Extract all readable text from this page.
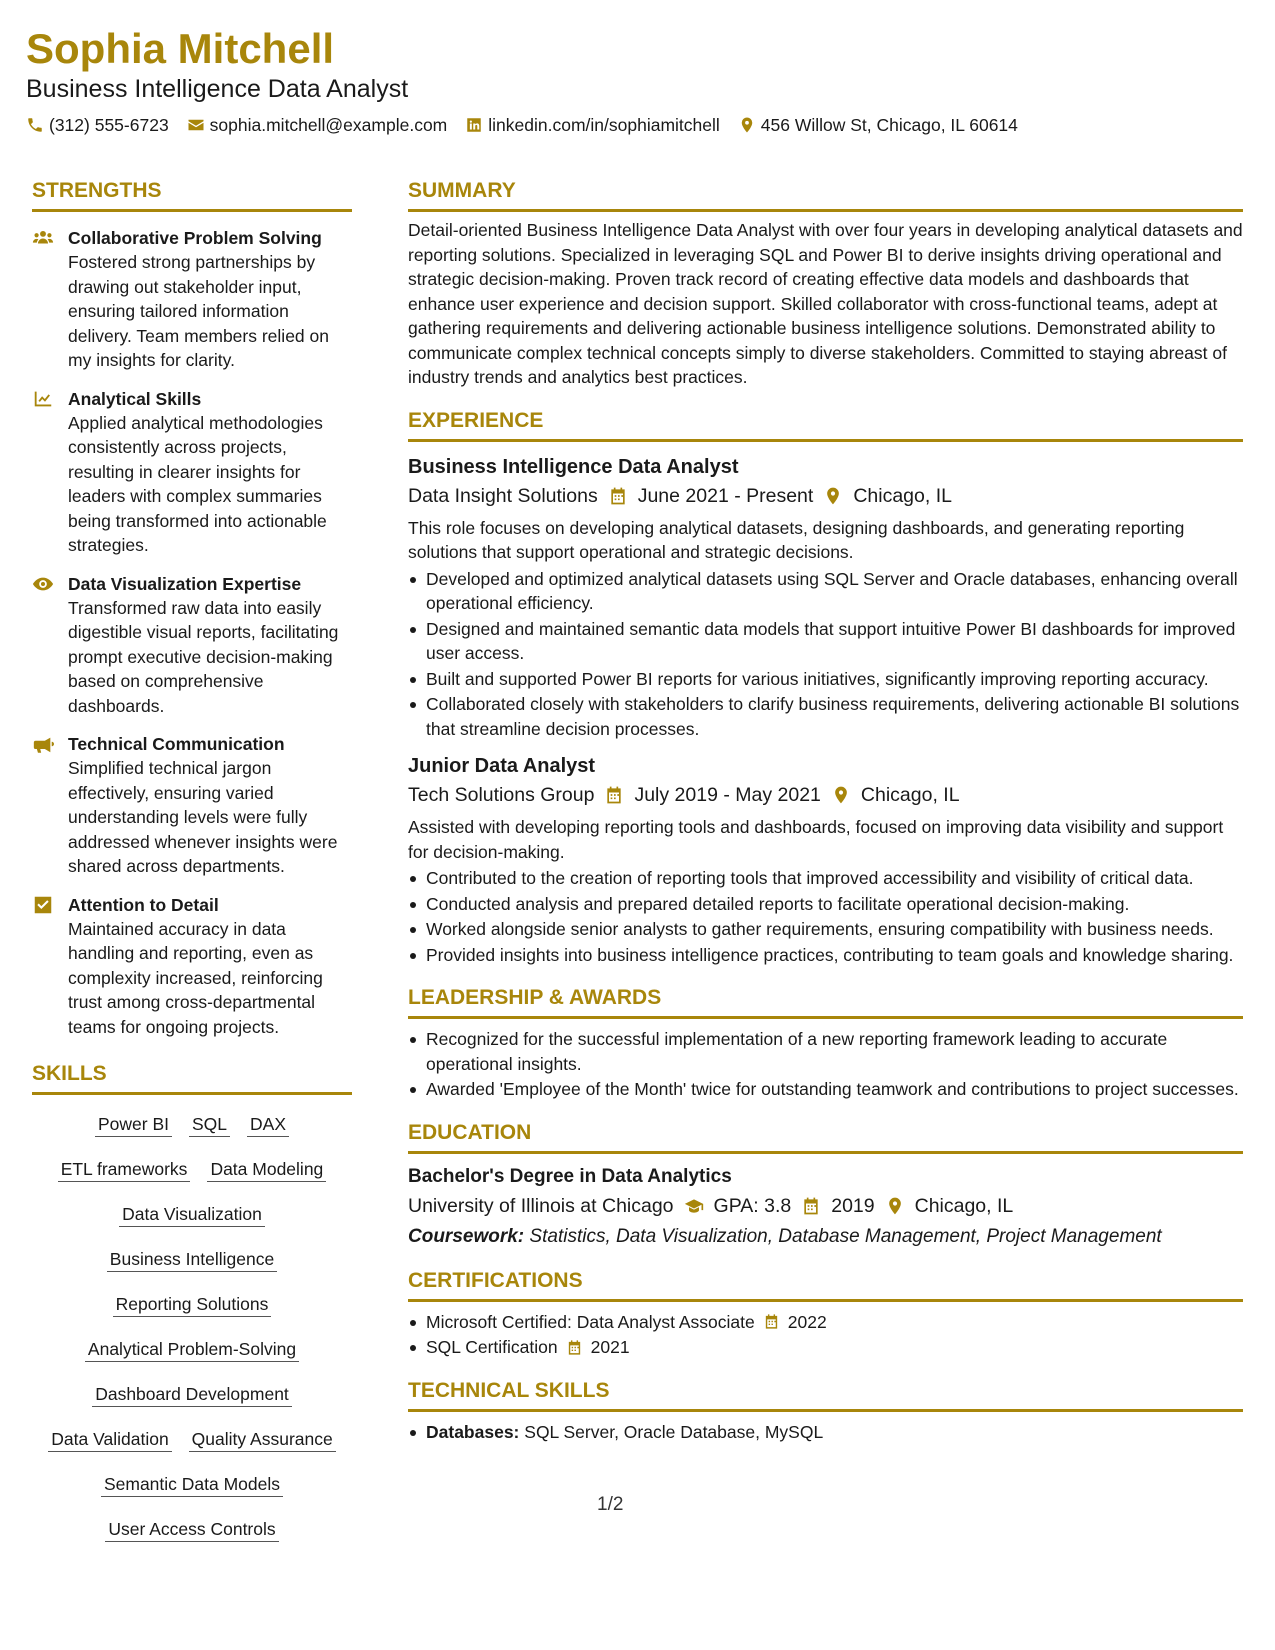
Sophia Mitchell
Business Intelligence Data Analyst
(312) 555-6723 sophia.mitchell@example.com linkedin.com/in/sophiamitchell 456 Willow St, Chicago, IL 60614
STRENGTHS
Collaborative Problem Solving
Fostered strong partnerships by drawing out stakeholder input, ensuring tailored information delivery. Team members relied on my insights for clarity.
Analytical Skills
Applied analytical methodologies consistently across projects, resulting in clearer insights for leaders with complex summaries being transformed into actionable strategies.
Data Visualization Expertise
Transformed raw data into easily digestible visual reports, facilitating prompt executive decision-making based on comprehensive dashboards.
Technical Communication
Simplified technical jargon effectively, ensuring varied understanding levels were fully addressed whenever insights were shared across departments.
Attention to Detail
Maintained accuracy in data handling and reporting, even as complexity increased, reinforcing trust among cross-departmental teams for ongoing projects.
SKILLS
Power BI SQL DAX
ETL frameworks Data Modeling
Data Visualization
Business Intelligence
Reporting Solutions
Analytical Problem-Solving
Dashboard Development
Data Validation Quality Assurance
Semantic Data Models
User Access Controls
SUMMARY

Detail-oriented Business Intelligence Data Analyst with over four years in developing analytical datasets and reporting solutions. Specialized in leveraging SQL and Power BI to derive insights driving operational and strategic decision-making. Proven track record of creating effective data models and dashboards that enhance user experience and decision support. Skilled collaborator with cross-functional teams, adept at gathering requirements and delivering actionable business intelligence solutions. Demonstrated ability to communicate complex technical concepts simply to diverse stakeholders. Committed to staying abreast of industry trends and analytics best practices.

EXPERIENCE
Business Intelligence Data Analyst
Data Insight Solutions June 2021 - Present Chicago, IL

This role focuses on developing analytical datasets, designing dashboards, and generating reporting solutions that support operational and strategic decisions.

Developed and optimized analytical datasets using SQL Server and Oracle databases, enhancing overall operational efficiency.
Designed and maintained semantic data models that support intuitive Power BI dashboards for improved user access.
Built and supported Power BI reports for various initiatives, significantly improving reporting accuracy.
Collaborated closely with stakeholders to clarify business requirements, delivering actionable BI solutions that streamline decision processes.
Junior Data Analyst
Tech Solutions Group July 2019 - May 2021 Chicago, IL

Assisted with developing reporting tools and dashboards, focused on improving data visibility and support for decision-making.

Contributed to the creation of reporting tools that improved accessibility and visibility of critical data.
Conducted analysis and prepared detailed reports to facilitate operational decision-making.
Worked alongside senior analysts to gather requirements, ensuring compatibility with business needs.
Provided insights into business intelligence practices, contributing to team goals and knowledge sharing.
LEADERSHIP & AWARDS
Recognized for the successful implementation of a new reporting framework leading to accurate operational insights.
Awarded 'Employee of the Month' twice for outstanding teamwork and contributions to project successes.
EDUCATION
Bachelor's Degree in Data Analytics
University of Illinois at Chicago GPA: 3.8 2019 Chicago, IL
Coursework: Statistics, Data Visualization, Database Management, Project Management
CERTIFICATIONS
Microsoft Certified: Data Analyst Associate 2022
SQL Certification 2021
TECHNICAL SKILLS
Databases: SQL Server, Oracle Database, MySQL
1/2
